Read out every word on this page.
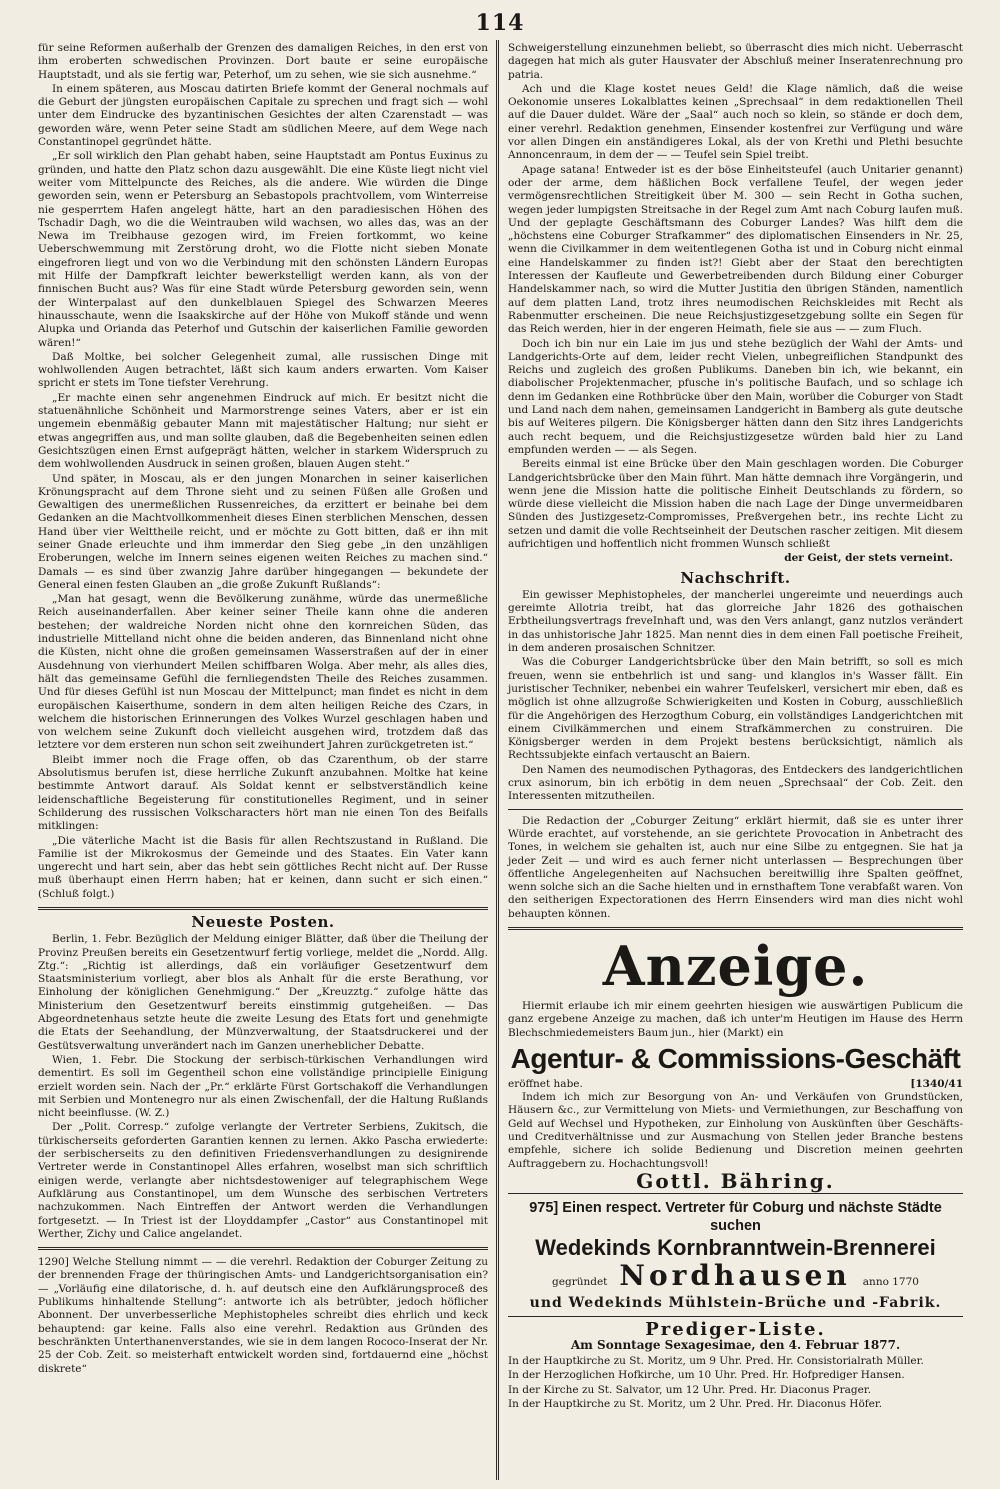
114

für seine Reformen außerhalb der Grenzen des damaligen Reiches, in den erst von ihm eroberten schwedischen Provinzen. Dort baute er seine europäische Hauptstadt, und als sie fertig war, Peterhof, um zu sehen, wie sie sich ausnehme.“

In einem späteren, aus Moscau datirten Briefe kommt der General nochmals auf die Geburt der jüngsten europäischen Capitale zu sprechen und fragt sich — wohl unter dem Eindrucke des byzantinischen Gesichtes der alten Czarenstadt — was geworden wäre, wenn Peter seine Stadt am südlichen Meere, auf dem Wege nach Constantinopel gegründet hätte.

„Er soll wirklich den Plan gehabt haben, seine Hauptstadt am Pontus Euxinus zu gründen, und hatte den Platz schon dazu ausgewählt. Die eine Küste liegt nicht viel weiter vom Mittelpuncte des Reiches, als die andere. Wie würden die Dinge geworden sein, wenn er Petersburg an Sebastopols prachtvollem, vom Winterreise nie gesperrtem Hafen angelegt hätte, hart an den paradiesischen Höhen des Tschadir Dagh, wo die die Weintrauben wild wachsen, wo alles das, was an der Newa im Treibhause gezogen wird, im Freien fortkommt, wo keine Ueberschwemmung mit Zerstörung droht, wo die Flotte nicht sieben Monate eingefroren liegt und von wo die Verbindung mit den schönsten Ländern Europas mit Hilfe der Dampfkraft leichter bewerkstelligt werden kann, als von der finnischen Bucht aus? Was für eine Stadt würde Petersburg geworden sein, wenn der Winterpalast auf den dunkelblauen Spiegel des Schwarzen Meeres hinausschaute, wenn die Isaakskirche auf der Höhe von Mukoff stände und wenn Alupka und Orianda das Peterhof und Gutschin der kaiserlichen Familie geworden wären!“

Daß Moltke, bei solcher Gelegenheit zumal, alle russischen Dinge mit wohlwollenden Augen betrachtet, läßt sich kaum anders erwarten. Vom Kaiser spricht er stets im Tone tiefster Verehrung.

„Er machte einen sehr angenehmen Eindruck auf mich. Er besitzt nicht die statuenähnliche Schönheit und Marmorstrenge seines Vaters, aber er ist ein ungemein ebenmäßig gebauter Mann mit majestätischer Haltung; nur sieht er etwas angegriffen aus, und man sollte glauben, daß die Begebenheiten seinen edlen Gesichtszügen einen Ernst aufgeprägt hätten, welcher in starkem Widerspruch zu dem wohlwollenden Ausdruck in seinen großen, blauen Augen steht.“

Und später, in Moscau, als er den jungen Monarchen in seiner kaiserlichen Krönungspracht auf dem Throne sieht und zu seinen Füßen alle Großen und Gewaltigen des unermeßlichen Russenreiches, da erzittert er beinahe bei dem Gedanken an die Machtvollkommenheit dieses Einen sterblichen Menschen, dessen Hand über vier Welttheile reicht, und er möchte zu Gott bitten, daß er ihn mit seiner Gnade erleuchte und ihm immerdar den Sieg gebe „in den unzähligen Eroberungen, welche im Innern seines eigenen weiten Reiches zu machen sind.“ Damals — es sind über zwanzig Jahre darüber hingegangen — bekundete der General einen festen Glauben an „die große Zukunft Rußlands“:

„Man hat gesagt, wenn die Bevölkerung zunähme, würde das unermeßliche Reich auseinanderfallen. Aber keiner seiner Theile kann ohne die anderen bestehen; der waldreiche Norden nicht ohne den kornreichen Süden, das industrielle Mittelland nicht ohne die beiden anderen, das Binnenland nicht ohne die Küsten, nicht ohne die großen gemeinsamen Wasserstraßen auf der in einer Ausdehnung von vierhundert Meilen schiffbaren Wolga. Aber mehr, als alles dies, hält das gemeinsame Gefühl die fernliegendsten Theile des Reiches zusammen. Und für dieses Gefühl ist nun Moscau der Mittelpunct; man findet es nicht in dem europäischen Kaiserthume, sondern in dem alten heiligen Reiche des Czars, in welchem die historischen Erinnerungen des Volkes Wurzel geschlagen haben und von welchem seine Zukunft doch vielleicht ausgehen wird, trotzdem daß das letztere vor dem ersteren nun schon seit zweihundert Jahren zurückgetreten ist.“

Bleibt immer noch die Frage offen, ob das Czarenthum, ob der starre Absolutismus berufen ist, diese herrliche Zukunft anzubahnen. Moltke hat keine bestimmte Antwort darauf. Als Soldat kennt er selbstverständlich keine leidenschaftliche Begeisterung für constitutionelles Regiment, und in seiner Schilderung des russischen Volkscharacters hört man nie einen Ton des Beifalls mitklingen:

„Die väterliche Macht ist die Basis für allen Rechtszustand in Rußland. Die Familie ist der Mikrokosmus der Gemeinde und des Staates. Ein Vater kann ungerecht und hart sein, aber das hebt sein göttliches Recht nicht auf. Der Russe muß überhaupt einen Herrn haben; hat er keinen, dann sucht er sich einen.“ (Schluß folgt.)

Neueste Posten.

Berlin, 1. Febr. Bezüglich der Meldung einiger Blätter, daß über die Theilung der Provinz Preußen bereits ein Gesetzentwurf fertig vorliege, meldet die „Nordd. Allg. Ztg.“: „Richtig ist allerdings, daß ein vorläufiger Gesetzentwurf dem Staatsministerium vorliegt, aber blos als Anhalt für die erste Berathung, vor Einholung der königlichen Genehmigung.“ Der „Kreuzztg.“ zufolge hätte das Ministerium den Gesetzentwurf bereits einstimmig gutgeheißen. — Das Abgeordnetenhaus setzte heute die zweite Lesung des Etats fort und genehmigte die Etats der Seehandlung, der Münzverwaltung, der Staatsdruckerei und der Gestütsverwaltung unverändert nach im Ganzen unerheblicher Debatte.

Wien, 1. Febr. Die Stockung der serbisch-türkischen Verhandlungen wird dementirt. Es soll im Gegentheil schon eine vollständige principielle Einigung erzielt worden sein. Nach der „Pr.“ erklärte Fürst Gortschakoff die Verhandlungen mit Serbien und Montenegro nur als einen Zwischenfall, der die Haltung Rußlands nicht beeinflusse. (W. Z.)

Der „Polit. Corresp.“ zufolge verlangte der Vertreter Serbiens, Zukitsch, die türkischerseits geforderten Garantien kennen zu lernen. Akko Pascha erwiederte: der serbischerseits zu den definitiven Friedensverhandlungen zu designirende Vertreter werde in Constantinopel Alles erfahren, woselbst man sich schriftlich einigen werde, verlangte aber nichtsdestoweniger auf telegraphischem Wege Aufklärung aus Constantinopel, um dem Wunsche des serbischen Vertreters nachzukommen. Nach Eintreffen der Antwort werden die Verhandlungen fortgesetzt. — In Triest ist der Lloyddampfer „Castor“ aus Constantinopel mit Werther, Zichy und Calice angelandet.

1290] Welche Stellung nimmt — — die verehrl. Redaktion der Coburger Zeitung zu der brennenden Frage der thüringischen Amts- und Landgerichtsorganisation ein? — „Vorläufig eine dilatorische, d. h. auf deutsch eine den Aufklärungsproceß des Publikums hinhaltende Stellung“: antworte ich als betrübter, jedoch höflicher Abonnent. Der unverbesserliche Mephistopheles schreibt dies ehrlich und keck behauptend: gar keine. Falls also eine verehrl. Redaktion aus Gründen des beschränkten Unterthanenverstandes, wie sie in dem langen Rococo-Inserat der Nr. 25 der Cob. Zeit. so meisterhaft entwickelt worden sind, fortdauernd eine „höchst diskrete“

Schweigerstellung einzunehmen beliebt, so überrascht dies mich nicht. Ueberrascht dagegen hat mich als guter Hausvater der Abschluß meiner Inseratenrechnung pro patria.

Ach und die Klage kostet neues Geld! die Klage nämlich, daß die weise Oekonomie unseres Lokalblattes keinen „Sprechsaal“ in dem redaktionellen Theil auf die Dauer duldet. Wäre der „Saal“ auch noch so klein, so stände er doch dem, einer verehrl. Redaktion genehmen, Einsender kostenfrei zur Verfügung und wäre vor allen Dingen ein anständigeres Lokal, als der von Krethi und Plethi besuchte Annoncenraum, in dem der — — Teufel sein Spiel treibt.

Apage satana! Entweder ist es der böse Einheitsteufel (auch Unitarier genannt) oder der arme, dem häßlichen Bock verfallene Teufel, der wegen jeder vermögensrechtlichen Streitigkeit über M. 300 — sein Recht in Gotha suchen, wegen jeder lumpigsten Streitsache in der Regel zum Amt nach Coburg laufen muß. Und der geplagte Geschäftsmann des Coburger Landes? Was hilft dem die „höchstens eine Coburger Strafkammer“ des diplomatischen Einsenders in Nr. 25, wenn die Civilkammer in dem weitentlegenen Gotha ist und in Coburg nicht einmal eine Handelskammer zu finden ist?! Giebt aber der Staat den berechtigten Interessen der Kaufleute und Gewerbetreibenden durch Bildung einer Coburger Handelskammer nach, so wird die Mutter Justitia den übrigen Ständen, namentlich auf dem platten Land, trotz ihres neumodischen Reichskleides mit Recht als Rabenmutter erscheinen. Die neue Reichsjustizgesetzgebung sollte ein Segen für das Reich werden, hier in der engeren Heimath, fiele sie aus — — zum Fluch.

Doch ich bin nur ein Laie im jus und stehe bezüglich der Wahl der Amts- und Landgerichts-Orte auf dem, leider recht Vielen, unbegreiflichen Standpunkt des Reichs und zugleich des großen Publikums. Daneben bin ich, wie bekannt, ein diabolischer Projektenmacher, pfusche in's politische Baufach, und so schlage ich denn im Gedanken eine Rothbrücke über den Main, worüber die Coburger von Stadt und Land nach dem nahen, gemeinsamen Landgericht in Bamberg als gute deutsche bis auf Weiteres pilgern. Die Königsberger hätten dann den Sitz ihres Landgerichts auch recht bequem, und die Reichsjustizgesetze würden bald hier zu Land empfunden werden — — als Segen.

Bereits einmal ist eine Brücke über den Main geschlagen worden. Die Coburger Landgerichtsbrücke über den Main führt. Man hätte demnach ihre Vorgängerin, und wenn jene die Mission hatte die politische Einheit Deutschlands zu fördern, so würde diese vielleicht die Mission haben die nach Lage der Dinge unvermeidbaren Sünden des Justizgesetz-Compromisses, Preßvergehen betr., ins rechte Licht zu setzen und damit die volle Rechtseinheit der Deutschen rascher zeitigen. Mit diesem aufrichtigen und hoffentlich nicht frommen Wunsch schließt

der Geist, der stets verneint.
Nachschrift.

Ein gewisser Mephistopheles, der mancherlei ungereimte und neuerdings auch gereimte Allotria treibt, hat das glorreiche Jahr 1826 des gothaischen Erbtheilungsvertrags freveInhaft und, was den Vers anlangt, ganz nutzlos verändert in das unhistorische Jahr 1825. Man nennt dies in dem einen Fall poetische Freiheit, in dem anderen prosaischen Schnitzer.

Was die Coburger Landgerichtsbrücke über den Main betrifft, so soll es mich freuen, wenn sie entbehrlich ist und sang- und klanglos in's Wasser fällt. Ein juristischer Techniker, nebenbei ein wahrer Teufelskerl, versichert mir eben, daß es möglich ist ohne allzugroße Schwierigkeiten und Kosten in Coburg, ausschließlich für die Angehörigen des Herzogthum Coburg, ein vollständiges Landgerichtchen mit einem Civilkämmerchen und einem Strafkämmerchen zu construiren. Die Königsberger werden in dem Projekt bestens berücksichtigt, nämlich als Rechtssubjekte einfach vertauscht an Baiern.

Den Namen des neumodischen Pythagoras, des Entdeckers des landgerichtlichen crux asinorum, bin ich erbötig in dem neuen „Sprechsaal“ der Cob. Zeit. den Interessenten mitzutheilen.

Die Redaction der „Coburger Zeitung“ erklärt hiermit, daß sie es unter ihrer Würde erachtet, auf vorstehende, an sie gerichtete Provocation in Anbetracht des Tones, in welchem sie gehalten ist, auch nur eine Silbe zu entgegnen. Sie hat ja jeder Zeit — und wird es auch ferner nicht unterlassen — Besprechungen über öffentliche Angelegenheiten auf Nachsuchen bereitwillig ihre Spalten geöffnet, wenn solche sich an die Sache hielten und in ernsthaftem Tone verabfaßt waren. Von den seitherigen Expectorationen des Herrn Einsenders wird man dies nicht wohl behaupten können.

Anzeige.

Hiermit erlaube ich mir einem geehrten hiesigen wie auswärtigen Publicum die ganz ergebene Anzeige zu machen, daß ich unter'm Heutigen im Hause des Herrn Blechschmiedemeisters Baum jun., hier (Markt) ein

Agentur- & Commissions-Geschäft
eröffnet habe.	[1340/41

Indem ich mich zur Besorgung von An- und Verkäufen von Grundstücken, Häusern &c., zur Vermittelung von Miets- und Vermiethungen, zur Beschaffung von Geld auf Wechsel und Hypotheken, zur Einholung von Auskünften über Geschäfts- und Creditverhältnisse und zur Ausmachung von Stellen jeder Branche bestens empfehle, sichere ich solide Bedienung und Discretion meinen geehrten Auftraggebern zu. Hochachtungsvoll!

Gottl. Bähring.
975] Einen respect. Vertreter für Coburg und nächste Städte suchen
Wedekinds Kornbranntwein-Brennerei
gegründet Nordhausen anno 1770
und Wedekinds Mühlstein-Brüche und -Fabrik.
Prediger-Liste.
Am Sonntage Sexagesimae, den 4. Februar 1877.

In der Hauptkirche zu St. Moritz, um 9 Uhr. Pred. Hr. Consistorialrath Müller.

In der Herzoglichen Hofkirche, um 10 Uhr. Pred. Hr. Hofprediger Hansen.

In der Kirche zu St. Salvator, um 12 Uhr. Pred. Hr. Diaconus Prager.

In der Hauptkirche zu St. Moritz, um 2 Uhr. Pred. Hr. Diaconus Höfer.
